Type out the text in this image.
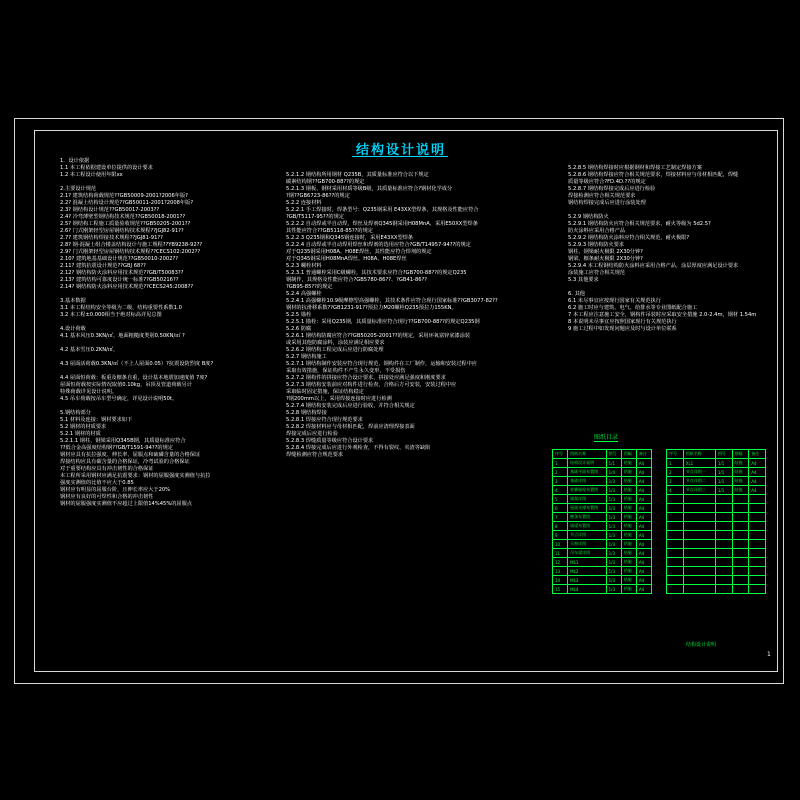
结构设计说明
1．设计依据
1.1 本工程依据建设单位提供的设计要求
1.2 本工程设计使用年限xx
2.主要设计规范
2.1? 建筑结构荷载规范??GB50009-2001?2006年版?
2.2? 混凝土结构设计规范??GB50011-2001?2008年版?
2.3? 钢结构设计规范??GB50017-2003??
2.4? 冷弯薄壁型钢结构技术规范??GB50018-2001??
2.5? 钢结构工程施工质量验收规范??GB50205-2001??
2.6? 门式刚架轻型房屋钢结构技术规程??JGJ82-91??
2.7? 建筑钢结构焊接技术规程??JGJ81-91??
2.8? 钢-混凝土组合楼盖结构设计与施工规程??YB9238-92??
2.9? 门式刚架轻型房屋钢结构技术规程??CECS102:2002??
2.10? 建筑地基基础设计规范??GB50010-2002??
2.11? 建筑抗震设计规范??GBJ 68??
2.12? 钢结构防火涂料应用技术规范??GB/T50083??
2.13? 建筑结构可靠度设计统一标准??GB50216??
2.14? 钢结构防火涂料应用技术规范??CECS245:2008??
3.基本数据
3.1 本工程结构安全等级为二级，结构重要性系数1.0
3.2 本工程±0.000相当于绝对标高详见总图
4.设计荷载
4.1 基本风压0.3KN/㎡，地面粗糙度类别0.50KN/㎡ ?
4.2 基本雪压0.2KN/㎡，
4.3 屋面活荷载0.3KN/㎡（不上人屋面0.05）?抗震设防烈度 B度?
4.4 屋面恒荷载：板重及檩条自重，设计基本地震加速度值 7度?
屋面恒荷载按实际情况取值0.10kg，吊顶及管道荷载另计
特殊荷载详见设计说明。
4.5 吊车荷载按吊车型号确定，详见设计说明50t。
5.钢结构部分
5.1 材料及连接：钢材要求如下
5.2 钢材的材质要求
5.2.1 钢材的材质
5.2.1.1 钢柱、钢梁采用Q345B钢，其质量标准应符合
??低合金高强度结构钢??GB/T1591-94??的规定
钢材应具有抗拉强度、伸长率、屈服点和硫磷含量的合格保证
焊接结构应具有碳含量的合格保证，冷弯试验的合格保证
对于重要结构应具有冲击韧性的合格保证
本工程所采用钢材应满足抗震要求：钢材的屈服强度实测值与抗拉
强度实测值的比值不应大于0.85
钢材应有明显的屈服台阶，且伸长率应大于20%
钢材应有良好的可焊性和合格的冲击韧性
钢材的屈服强度实测值不应超过上限值14%45%的屈服点
5.2.1.2 钢结构所用钢材 Q235B，其质量标准应符合以下规定
碳素结构钢??GB700-88??的规定
5.2.1.3 钢板、钢材采用材质等级B级，其质量标准应符合?钢材化学成分
?钢??GB6723-86??的规定
5.2.2 连接材料
5.2.2.1 手工焊接时，焊条型号：Q235钢采用 E43XX型焊条，其规格及性能应符合
?GB/T5117-95??的规定
5.2.2.2 自动焊或半自动焊，焊丝及焊剂Q345钢采用H08MnA，采用E50XX型焊条
其性能应符合??GB5118-85??的规定
5.2.2.3 Q235钢和Q345钢连接时，采用E43XX型焊条
5.2.2.4 自动焊或半自动焊用焊丝和焊剂的选用应符合?GB/T14957-94??的规定
对于Q235钢采用H08A、H08E焊丝，其性能应符合焊剂的规定
对于Q345钢采用H08MnA焊丝，H08A、H08E焊丝
5.2.3 螺栓材料
5.2.3.1 普通螺栓采用C级螺栓，其技术要求应符合?GB700-88??的规定Q235
钢制作，其规格及性能应符合?GB5780-86??、?GB41-86??
?GB95-85??的规定
5.2.4 高强螺栓
5.2.4.1 高强螺栓10.9级摩擦型高强螺栓，其技术条件应符合现行国家标准??GB3077-82??
钢材的抗滑移系数??GB1231-91??预拉力M20螺栓Q235预拉力155KN。
5.2.5 锚栓
5.2.5.1 锚栓：采用Q235钢，其质量标准应符合现行??GB700-88??的规定Q235钢
5.2.6 防腐
5.2.6.1 钢结构防腐应符合??GB50205-2001??的规定，采用环氧富锌底漆涂装
或采用其他防腐涂料，涂装应满足相应要求
5.2.6.2 钢结构工程完成后应进行防腐处理
5.2.7 钢结构施工
5.2.7.1 钢结构制作安装应符合现行规范，钢构件在工厂制作，运输和安装过程中应
采取有效措施，保证构件不产生永久变形，不受损伤
5.2.7.2 钢构件的拼接应符合设计要求，拼接处应满足强度和刚度要求
5.2.7.3 钢结构安装前应对构件进行检查，合格后方可安装，安装过程中应
采取临时固定措施，保证结构稳定
?钢200mm以上，采用焊接连接时应进行检测
5.2.7.4 钢结构安装完成后应进行验收，并符合相关规定
5.2.8 钢结构焊接
5.2.8.1 焊接应符合现行规范要求
5.2.8.2 焊接材料应与母材相匹配，焊前应清理焊接表面
焊接完成后应进行检验
5.2.8.3 焊缝质量等级应符合设计要求
5.2.8.4 焊接完成后应进行外观检查，不得有裂纹、夹渣等缺陷
焊缝检测应符合规范要求
5.2.8.5 钢结构焊接时应根据钢材和焊接工艺制定焊接方案
5.2.8.6 钢结构焊接应符合相关规范要求，焊接材料应与母材相匹配，焊缝
质量等级应符合?FD.4D.??的规定
5.2.8.7 钢结构焊接完成后应进行检验
焊接检测应符合相关规范要求
钢结构焊接完成后应进行涂装处理
5.2.9 钢结构防火
5.2.9.1 钢结构防火应符合相关规范要求，耐火等级为 5d2.5?
防火涂料应采用合格产品
5.2.9.2 钢结构防火涂料应符合相关规范，耐火极限?
5.2.9.3 钢结构防火要求
钢柱、钢梁耐火极限 2X30分钟?
钢梁、檩条耐火极限 2X30分钟?
5.2.9.4 本工程钢结构防火涂料应采用合格产品，涂层厚度应满足设计要求
涂装施工应符合相关规范
5.3 其他要求
6. 其他
6.1 未尽事宜应按现行国家有关规范执行
6.2 施工时应与建筑、电气、给排水等专业图纸配合施工
7 本工程应注意施工安全，钢构件吊装时应采取安全措施 2.0-2.4m，钢材 1.54m
8 本说明未尽事宜应按照国家现行有关规范执行
9 施工过程中如发现问题应及时与设计单位联系
图纸目录
序号	图纸名称	图号	图幅	备注
1	结构设计说明	1/1	结施	A4
2	基础平面布置图	1/4	结施	A4
3	基础详图	1/3	结施	A4
4	柱脚锚栓布置图	1/3	结施	A4
5	刚架详图	1/3	结施	A4
6	屋面支撑布置图	1/3	结施	A4
7	檩条布置图	1/3	结施	A4
8	墙梁布置图	1/3	结施	A4
9	节点详图	1/3	结施	A4
10	天窗详图	1/3	结施	A4
11	吊车梁详图	1/3	结施	A4
12	ML1	1/3	结施	A4
13	ML2	1/3	结施	A4
14	ML3	1/3	结施	A4
15	ML4	1/3	结施	A4
序号	图纸名称	图号	图幅	备注
1	XL1	1/1	结施	A4
2	节点详图一	1/1	结施	A4
3	节点详图二	1/1	结施	A4
4	节点详图三	1/1	结施	A4

结构设计说明
1
